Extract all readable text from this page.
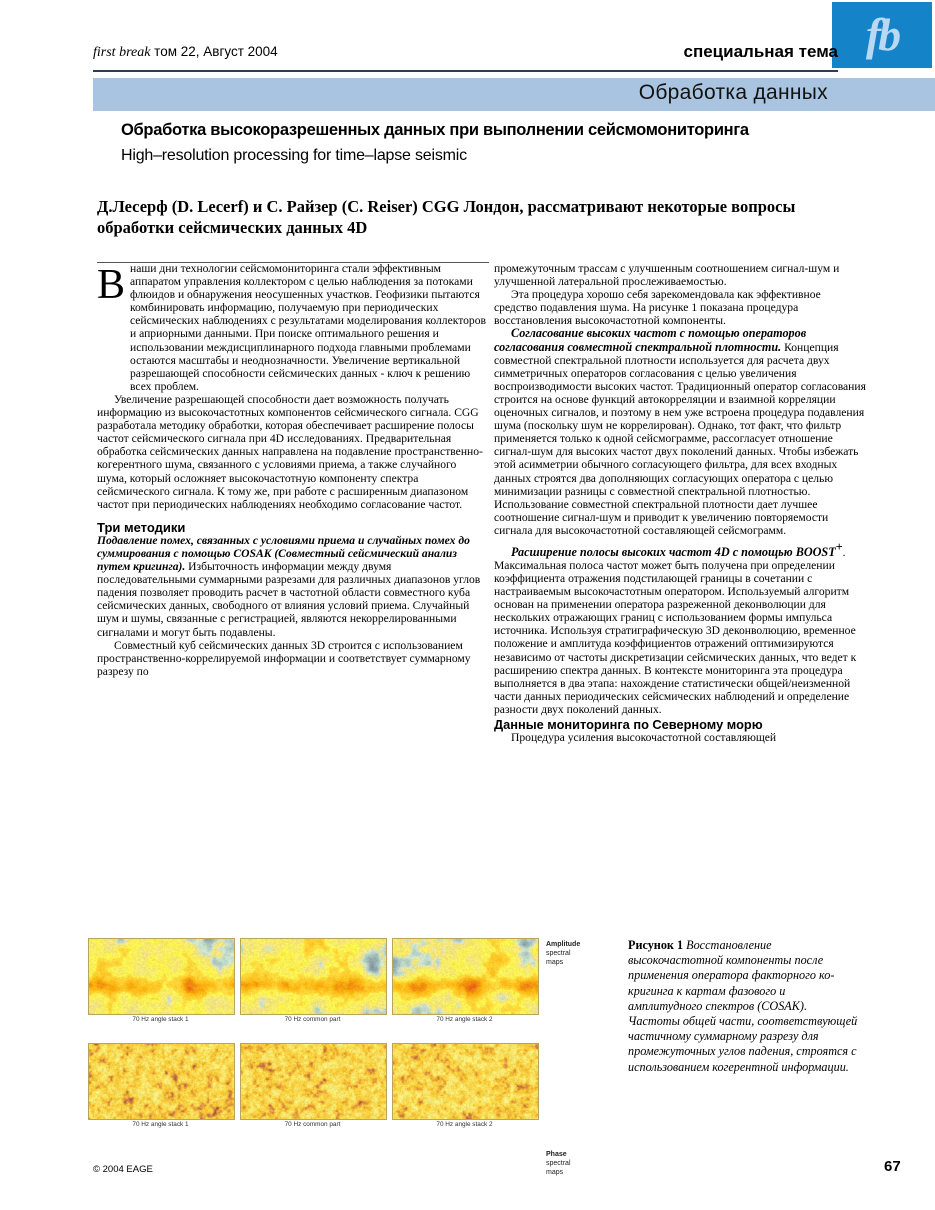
fb
first break том 22, Август 2004	специальная тема
Обработка данных
Обработка высокоразрешенных данных при выполнении сейсмомониторинга
High–resolution processing for time–lapse seismic
Д.Лесерф (D. Lecerf) и С. Райзер (C. Reiser) CGG Лондон, рассматривают некоторые вопросы обработки сейсмических данных 4D
В наши дни технологии сейсмомониторинга стали эффективным аппаратом управления коллектором с целью наблюдения за потоками флюидов и обнаружения неосушенных участков. Геофизики пытаются комбинировать информацию, получаемую при периодических сейсмических наблюдениях с результатами моделирования коллекторов и априорными данными. При поиске оптимального решения и использовании междисциплинарного подхода главными проблемами остаются масштабы и неоднозначности. Увеличение вертикальной разрешающей способности сейсмических данных - ключ к решению всех проблем.

Увеличение разрешающей способности дает возможность получать информацию из высокочастотных компонентов сейсмического сигнала. CGG разработала методику обработки, которая обеспечивает расширение полосы частот сейсмического сигнала при 4D исследованиях. Предварительная обработка сейсмических данных направлена на подавление пространственно-когерентного шума, связанного с условиями приема, а также случайного шума, который осложняет высокочастотную компоненту спектра сейсмического сигнала. К тому же, при работе с расширенным диапазоном частот при периодических наблюдениях необходимо согласование частот.

Три методики

Подавление помех, связанных с условиями приема и случайных помех до суммирования с помощью COSAK (Совместный сейсмический анализ путем кригинга). Избыточность информации между двумя последовательными суммарными разрезами для различных диапазонов углов падения позволяет проводить расчет в частотной области совместного куба сейсмических данных, свободного от влияния условий приема. Случайный шум и шумы, связанные с регистрацией, являются некоррелированными сигналами и могут быть подавлены.

Совместный куб сейсмических данных 3D строится с использованием пространственно-коррелируемой информации и соответствует суммарному разрезу по

промежуточным трассам с улучшенным соотношением сигнал-шум и улучшенной латеральной прослеживаемостью.

Эта процедура хорошо себя зарекомендовала как эффективное средство подавления шума. На рисунке 1 показана процедура восстановления высокочастотной компоненты.

Согласование высоких частот с помощью операторов согласования совместной спектральной плотности. Концепция совместной спектральной плотности используется для расчета двух симметричных операторов согласования с целью увеличения воспроизводимости высоких частот. Традиционный оператор согласования строится на основе функций автокорреляции и взаимной корреляции оценочных сигналов, и поэтому в нем уже встроена процедура подавления шума (поскольку шум не коррелирован). Однако, тот факт, что фильтр применяется только к одной сейсмограмме, рассогласует отношение сигнал-шум для высоких частот двух поколений данных. Чтобы избежать этой асимметрии обычного согласующего фильтра, для всех входных данных строятся два дополняющих согласующих оператора с целью минимизации разницы с совместной спектральной плотностью. Использование совместной спектральной плотности дает лучшее соотношение сигнал-шум и приводит к увеличению повторяемости сигнала для высокочастотной составляющей сейсмограмм.

Расширение полосы высоких частот 4D с помощью BOOST+. Максимальная полоса частот может быть получена при определении коэффициента отражения подстилающей границы в сочетании с настраиваемым высокочастотным оператором. Используемый алгоритм основан на применении оператора разреженной деконволюции для нескольких отражающих границ с использованием формы импульса источника. Используя стратиграфическую 3D деконволюцию, временное положение и амплитуда коэффициентов отражений оптимизируются независимо от частоты дискретизации сейсмических данных, что ведет к расширению спектра данных. В контексте мониторинга эта процедура выполняется в два этапа: нахождение статистически общей/неизменной части данных периодических сейсмических наблюдений и определение разности двух поколений данных.

Данные мониторинга по Северному морю

Процедура усиления высокочастотной составляющей

70 Hz angle stack 1	70 Hz common part	70 Hz angle stack 2
Amplitude
spectral
maps
70 Hz angle stack 1	70 Hz common part	70 Hz angle stack 2
Phase
spectral
maps
Рисунок 1 Восстановление высокочастотной компоненты после применения оператора факторного ко-кригинга к картам фазового и амплитудного спектров (COSAK). Частоты общей части, соответствующей частичному суммарному разрезу для промежуточных углов падения, строятся с использованием когерентной информации.
© 2004 EAGE	67
